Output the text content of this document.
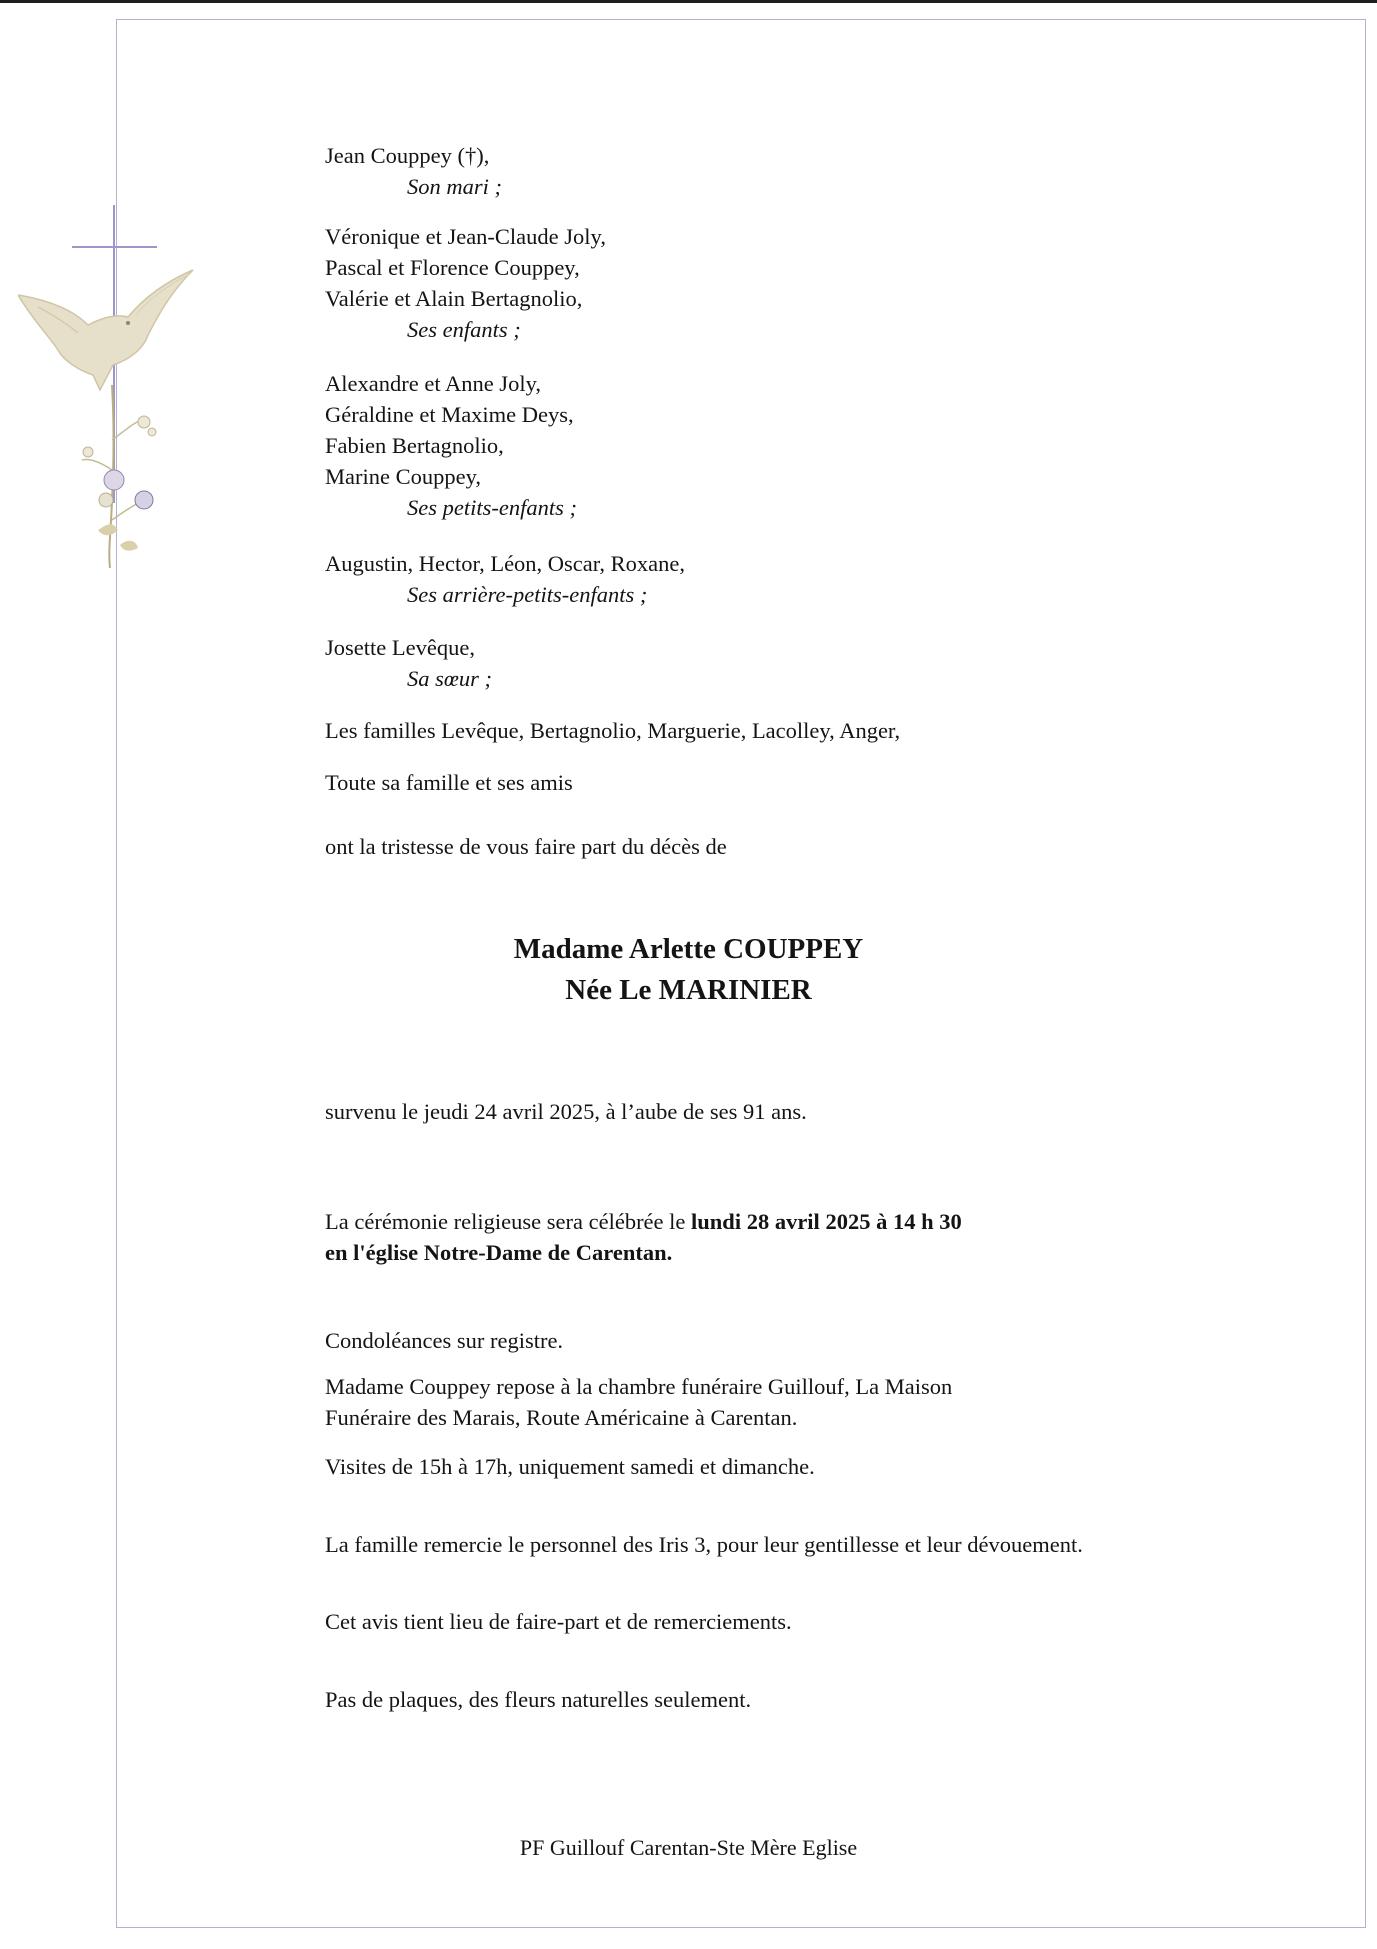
Jean Couppey (†),
Son mari ;
Véronique et Jean-Claude Joly,
Pascal et Florence Couppey,
Valérie et Alain Bertagnolio,
Ses enfants ;
Alexandre et Anne Joly,
Géraldine et Maxime Deys,
Fabien Bertagnolio,
Marine Couppey,
Ses petits-enfants ;
Augustin, Hector, Léon, Oscar, Roxane,
Ses arrière-petits-enfants ;
Josette Levêque,
Sa sœur ;
Les familles Levêque, Bertagnolio, Marguerie, Lacolley, Anger,
Toute sa famille et ses amis
ont la tristesse de vous faire part du décès de
Madame Arlette COUPPEY
Née Le MARINIER
survenu le jeudi 24 avril 2025, à l’aube de ses 91 ans.
La cérémonie religieuse sera célébrée le lundi 28 avril 2025 à 14 h 30
en l'église Notre-Dame de Carentan.
Condoléances sur registre.
Madame Couppey repose à la chambre funéraire Guillouf, La Maison
Funéraire des Marais, Route Américaine à Carentan.
Visites de 15h à 17h, uniquement samedi et dimanche.
La famille remercie le personnel des Iris 3, pour leur gentillesse et leur dévouement.
Cet avis tient lieu de faire-part et de remerciements.
Pas de plaques, des fleurs naturelles seulement.
PF Guillouf Carentan-Ste Mère Eglise
